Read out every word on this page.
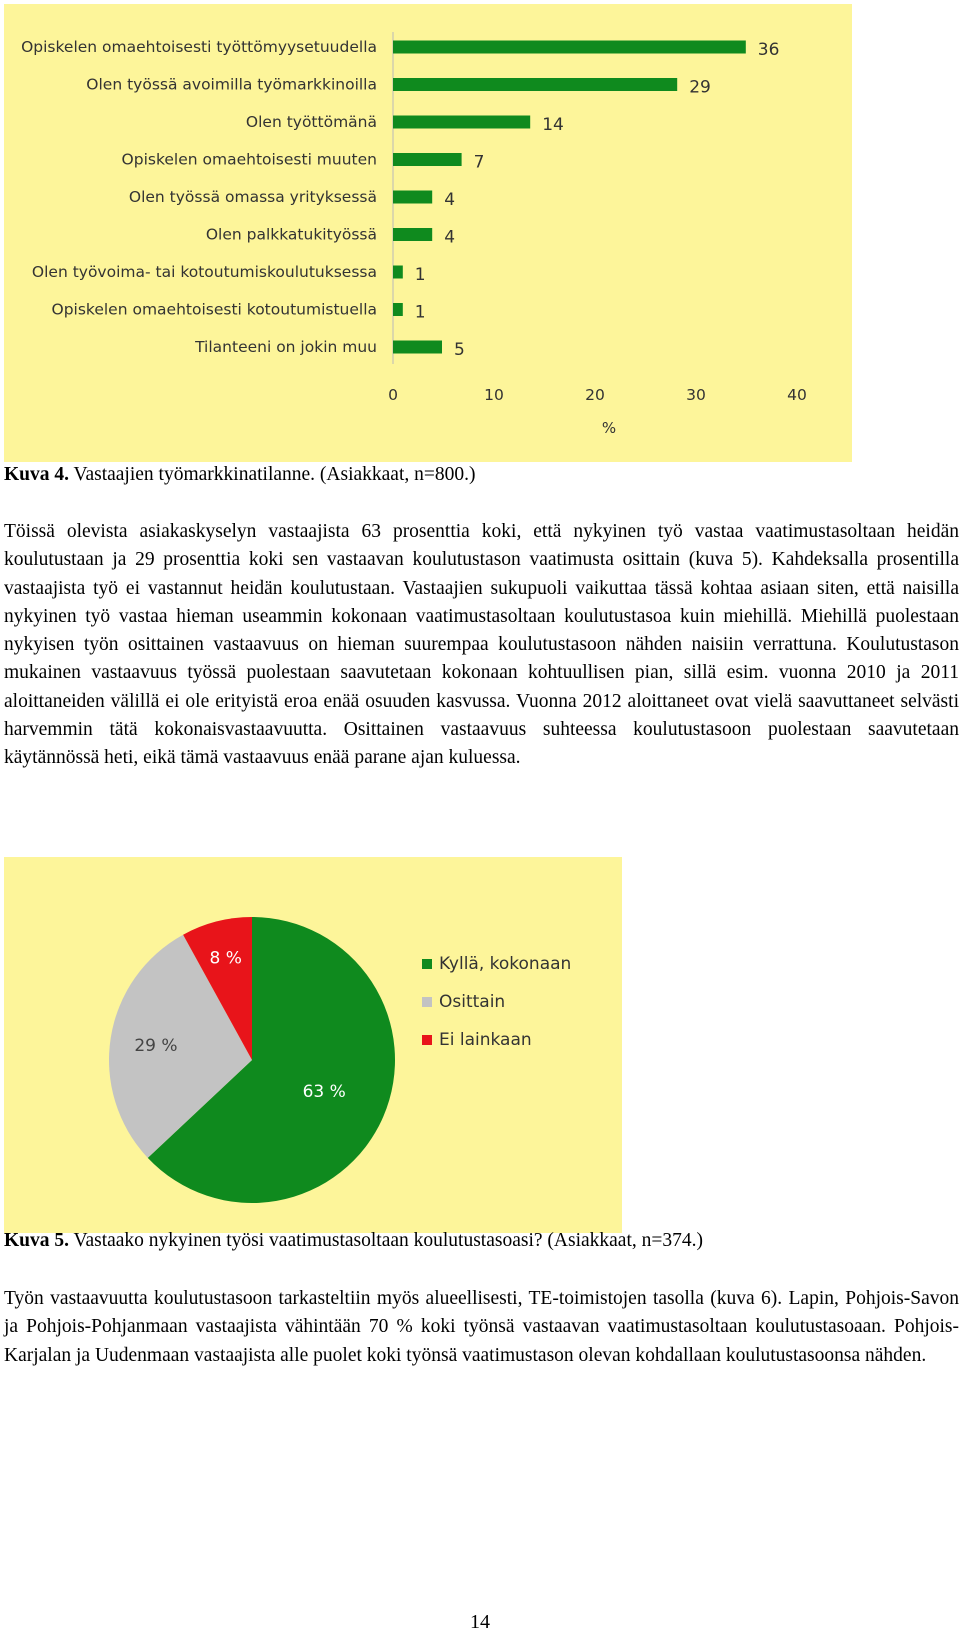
Opiskelen omaehtoisesti työttömyysetuudella	36
Olen työssä avoimilla työmarkkinoilla	29
Olen työttömänä	14
Opiskelen omaehtoisesti muuten	7
Olen työssä omassa yrityksessä	4
Olen palkkatukityössä	4
Olen työvoima- tai kotoutumiskoulutuksessa 1
Opiskelen omaehtoisesti kotoutumistuella 1
Tilanteeni on jokin muu	5
0	10	20	30	40
%
Kuva 4. Vastaajien työmarkkinatilanne. (Asiakkaat, n=800.)

Töissä olevista asiakaskyselyn vastaajista 63 prosenttia koki, että nykyinen työ vastaa vaatimustasoltaan heidän koulutustaan ja 29 prosenttia koki sen vastaavan koulutustason vaatimusta osittain (kuva 5). Kahdeksalla prosentilla vastaajista työ ei vastannut heidän koulutustaan. Vastaajien sukupuoli vaikuttaa tässä kohtaa asiaan siten, että naisilla nykyinen työ vastaa hieman useammin kokonaan vaatimustasoltaan koulutustasoa kuin miehillä. Miehillä puolestaan nykyisen työn osittainen vastaavuus on hieman suurempaa koulutustasoon nähden naisiin verrattuna. Koulutustason mukainen vastaavuus työssä puolestaan saavutetaan kokonaan kohtuullisen pian, sillä esim. vuonna 2010 ja 2011 aloittaneiden välillä ei ole erityistä eroa enää osuuden kasvussa. Vuonna 2012 aloittaneet ovat vielä saavuttaneet selvästi harvemmin tätä kokonaisvastaavuutta. Osittainen vastaavuus suhteessa koulutustasoon puolestaan saavutetaan käytännössä heti, eikä tämä vastaavuus enää parane ajan kuluessa.

63 %
29 %
8 %	Kyllä, kokonaan
Osittain
Ei lainkaan
Kuva 5. Vastaako nykyinen työsi vaatimustasoltaan koulutustasoasi? (Asiakkaat, n=374.)

Työn vastaavuutta koulutustasoon tarkasteltiin myös alueellisesti, TE-toimistojen tasolla (kuva 6). Lapin, Pohjois-Savon ja Pohjois-Pohjanmaan vastaajista vähintään 70 % koki työnsä vastaavan vaatimustasoltaan koulutustasoaan. Pohjois-Karjalan ja Uudenmaan vastaajista alle puolet koki työnsä vaatimustason olevan kohdallaan koulutustasoonsa nähden.

14
